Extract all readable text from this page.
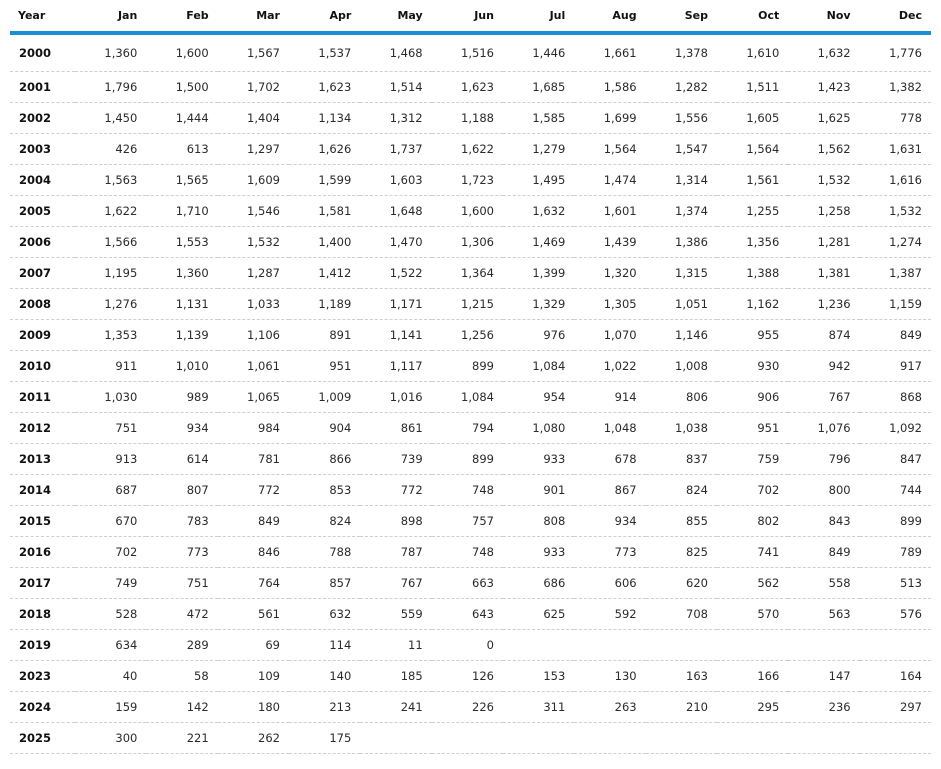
Year	Jan	Feb	Mar	Apr	May	Jun	Jul	Aug	Sep	Oct	Nov	Dec
2000	1,360	1,600	1,567	1,537	1,468	1,516	1,446	1,661	1,378	1,610	1,632	1,776
2001	1,796	1,500	1,702	1,623	1,514	1,623	1,685	1,586	1,282	1,511	1,423	1,382
2002	1,450	1,444	1,404	1,134	1,312	1,188	1,585	1,699	1,556	1,605	1,625	778
2003	426	613	1,297	1,626	1,737	1,622	1,279	1,564	1,547	1,564	1,562	1,631
2004	1,563	1,565	1,609	1,599	1,603	1,723	1,495	1,474	1,314	1,561	1,532	1,616
2005	1,622	1,710	1,546	1,581	1,648	1,600	1,632	1,601	1,374	1,255	1,258	1,532
2006	1,566	1,553	1,532	1,400	1,470	1,306	1,469	1,439	1,386	1,356	1,281	1,274
2007	1,195	1,360	1,287	1,412	1,522	1,364	1,399	1,320	1,315	1,388	1,381	1,387
2008	1,276	1,131	1,033	1,189	1,171	1,215	1,329	1,305	1,051	1,162	1,236	1,159
2009	1,353	1,139	1,106	891	1,141	1,256	976	1,070	1,146	955	874	849
2010	911	1,010	1,061	951	1,117	899	1,084	1,022	1,008	930	942	917
2011	1,030	989	1,065	1,009	1,016	1,084	954	914	806	906	767	868
2012	751	934	984	904	861	794	1,080	1,048	1,038	951	1,076	1,092
2013	913	614	781	866	739	899	933	678	837	759	796	847
2014	687	807	772	853	772	748	901	867	824	702	800	744
2015	670	783	849	824	898	757	808	934	855	802	843	899
2016	702	773	846	788	787	748	933	773	825	741	849	789
2017	749	751	764	857	767	663	686	606	620	562	558	513
2018	528	472	561	632	559	643	625	592	708	570	563	576
2019	634	289	69	114	11	0						
2023	40	58	109	140	185	126	153	130	163	166	147	164
2024	159	142	180	213	241	226	311	263	210	295	236	297
2025	300	221	262	175								
